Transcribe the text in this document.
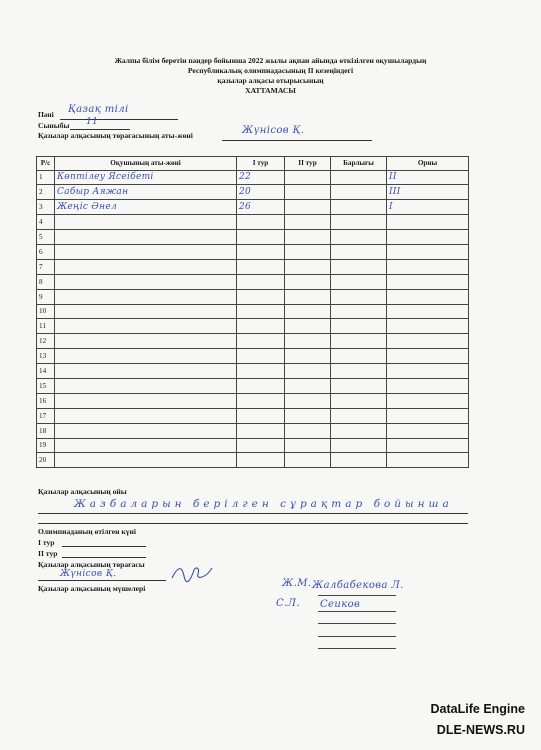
Жалпы білім беретін пәндер бойынша 2022 жылы ақпан айында өткізілген оқушылардың
Республикалық олимпиадасының ІІ кезеңіндегі
қазылар алқасы отырысының
ХАТТАМАСЫ
Пәні Қазақ тілі
Сыныбы 11
Қазылар алқасының төрағасының аты-жөні	Жүнісов Қ.
Р/с	Оқушының аты-жөні	І тур	ІІ тур	Барлығы	Орны
1	Көптілеу Ясеібеті	22			ІІ
2	Сабыр Аяжан	20			ІІІ
3	Жеңіс Әнел	26			І
4					
5					
6					
7					
8					
9					
10					
11					
12					
13					
14					
15					
16					
17					
18					
19					
20					
Қазылар алқасының ойы
Жазбаларын берілген сұрақтар бойынша
Олимпиаданың өтілген күні
І тур
ІІ тур
Қазылар алқасының төрағасы
Жүнісов Қ.
Қазылар алқасының мүшелері	Ж.М. Жалбабекова Л.
С.Л. Сеиков
DataLife Engine
DLE-NEWS.RU
